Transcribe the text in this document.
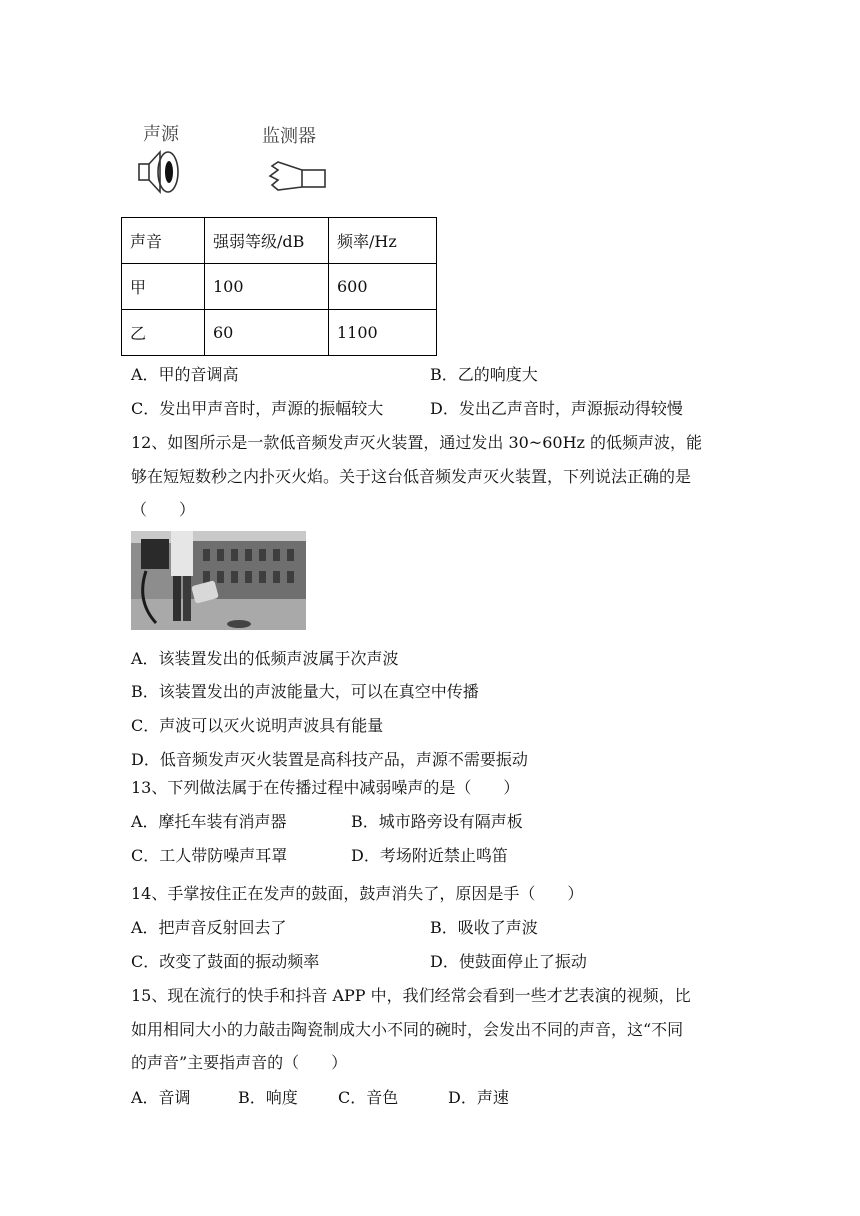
声源	监测器
声音	强弱等级/dB	频率/Hz
甲	100	600
乙	60	1100
A．甲的音调高	B．乙的响度大
C．发出甲声音时，声源的振幅较大	D．发出乙声音时，声源振动得较慢
12、如图所示是一款低音频发声灭火装置，通过发出 30~60Hz 的低频声波，能
够在短短数秒之内扑灭火焰。关于这台低音频发声灭火装置，下列说法正确的是
（　　）
A．该装置发出的低频声波属于次声波
B．该装置发出的声波能量大，可以在真空中传播
C．声波可以灭火说明声波具有能量
D．低音频发声灭火装置是高科技产品，声源不需要振动
13、下列做法属于在传播过程中减弱噪声的是（　　）
A．摩托车装有消声器	B．城市路旁设有隔声板
C．工人带防噪声耳罩	D．考场附近禁止鸣笛
14、手掌按住正在发声的鼓面，鼓声消失了，原因是手（　　）
A．把声音反射回去了	B．吸收了声波
C．改变了鼓面的振动频率	D．使鼓面停止了振动
15、现在流行的快手和抖音 APP 中，我们经常会看到一些才艺表演的视频，比
如用相同大小的力敲击陶瓷制成大小不同的碗时，会发出不同的声音，这“不同
的声音”主要指声音的（　　）
A．音调	B．响度	C．音色	D．声速
